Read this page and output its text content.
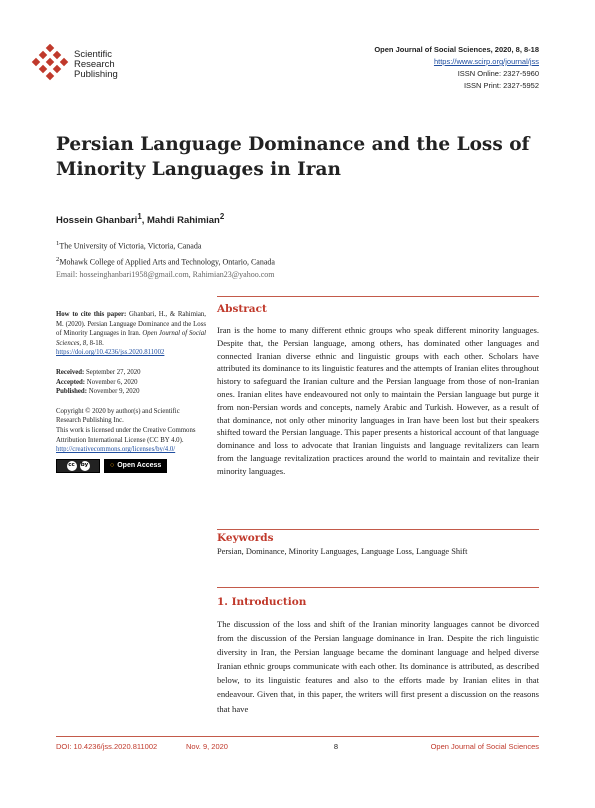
Scientific
Research
Publishing
Open Journal of Social Sciences, 2020, 8, 8-18
https://www.scirp.org/journal/jss
ISSN Online: 2327-5960
ISSN Print: 2327-5952
Persian Language Dominance and the Loss of Minority Languages in Iran
Hossein Ghanbari$^1$, Mahdi Rahimian$^2$
$^1$The University of Victoria, Victoria, Canada
$^2$Mohawk College of Applied Arts and Technology, Ontario, Canada
Email: hosseinghanbari1958@gmail.com, Rahimian23@yahoo.com
How to cite this paper: Ghanbari, H., & Rahimian, M. (2020). Persian Language Dominance and the Loss of Minority Languages in Iran. Open Journal of Social Sciences, 8, 8-18.
https://doi.org/10.4236/jss.2020.811002
Received: September 27, 2020
Accepted: November 6, 2020
Published: November 9, 2020
Copyright © 2020 by author(s) and Scientific Research Publishing Inc.
This work is licensed under the Creative Commons Attribution International License (CC BY 4.0).
http://creativecommons.org/licenses/by/4.0/
cc	by	○ Open Access
Abstract
Iran is the home to many different ethnic groups who speak different minority languages. Despite that, the Persian language, among others, has dominated other languages and connected Iranian diverse ethnic and linguistic groups with each other. Scholars have attributed its dominance to its linguistic features and the attempts of Iranian elites throughout history to safeguard the Iranian culture and the Persian language from those of non-Iranian ones. Iranian elites have endeavoured not only to maintain the Persian language but purge it from non-Persian words and concepts, namely Arabic and Turkish. However, as a result of that dominance, not only other minority languages in Iran have been lost but their speakers shifted toward the Persian language. This paper presents a historical account of that language dominance and loss to advocate that Iranian linguists and language revitalizers can learn from the language revitalization practices around the world to maintain and revitalize their minority languages.
Keywords
Persian, Dominance, Minority Languages, Language Loss, Language Shift
1. Introduction
The discussion of the loss and shift of the Iranian minority languages cannot be divorced from the discussion of the Persian language dominance in Iran. Despite the rich linguistic diversity in Iran, the Persian language became the dominant language and helped diverse Iranian ethnic groups communicate with each other. Its dominance is attributed, as described below, to its linguistic features and also to the efforts made by Iranian elites in that endeavour. Given that, in this paper, the writers will first present a discussion on the reasons that have
DOI: 10.4236/jss.2020.811002	Nov. 9, 2020	8	Open Journal of Social Sciences
